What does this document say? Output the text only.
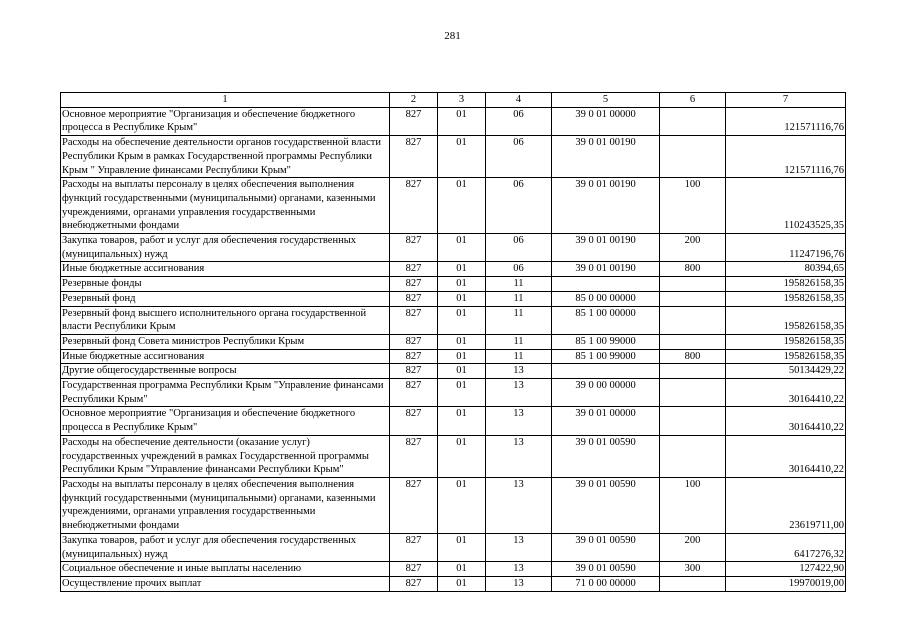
281
1	2	3	4	5	6	7
Основное мероприятие "Организация и обеспечение бюджетного процесса в Республике Крым"	827	01	06	39 0 01 00000		121571116,76
Расходы на обеспечение деятельности органов государственной власти Республики Крым в рамках Государственной программы Республики Крым " Управление финансами Республики Крым"	827	01	06	39 0 01 00190		121571116,76
Расходы на выплаты персоналу в целях обеспечения выполнения функций государственными (муниципальными) органами, казенными учреждениями, органами управления государственными внебюджетными фондами	827	01	06	39 0 01 00190	100	110243525,35
Закупка товаров, работ и услуг для обеспечения государственных (муниципальных) нужд	827	01	06	39 0 01 00190	200	11247196,76
Иные бюджетные ассигнования	827	01	06	39 0 01 00190	800	80394,65
Резервные фонды	827	01	11			195826158,35
Резервный фонд	827	01	11	85 0 00 00000		195826158,35
Резервный фонд высшего исполнительного органа государственной власти Республики Крым	827	01	11	85 1 00 00000		195826158,35
Резервный фонд Совета министров Республики Крым	827	01	11	85 1 00 99000		195826158,35
Иные бюджетные ассигнования	827	01	11	85 1 00 99000	800	195826158,35
Другие общегосударственные вопросы	827	01	13			50134429,22
Государственная программа Республики Крым "Управление финансами Республики Крым"	827	01	13	39 0 00 00000		30164410,22
Основное мероприятие "Организация и обеспечение бюджетного процесса в Республике Крым"	827	01	13	39 0 01 00000		30164410,22
Расходы на обеспечение деятельности (оказание услуг) государственных учреждений в рамках Государственной программы Республики Крым "Управление финансами Республики Крым"	827	01	13	39 0 01 00590		30164410,22
Расходы на выплаты персоналу в целях обеспечения выполнения функций государственными (муниципальными) органами, казенными учреждениями, органами управления государственными внебюджетными фондами	827	01	13	39 0 01 00590	100	23619711,00
Закупка товаров, работ и услуг для обеспечения государственных (муниципальных) нужд	827	01	13	39 0 01 00590	200	6417276,32
Социальное обеспечение и иные выплаты населению	827	01	13	39 0 01 00590	300	127422,90
Осуществление прочих выплат	827	01	13	71 0 00 00000		19970019,00
